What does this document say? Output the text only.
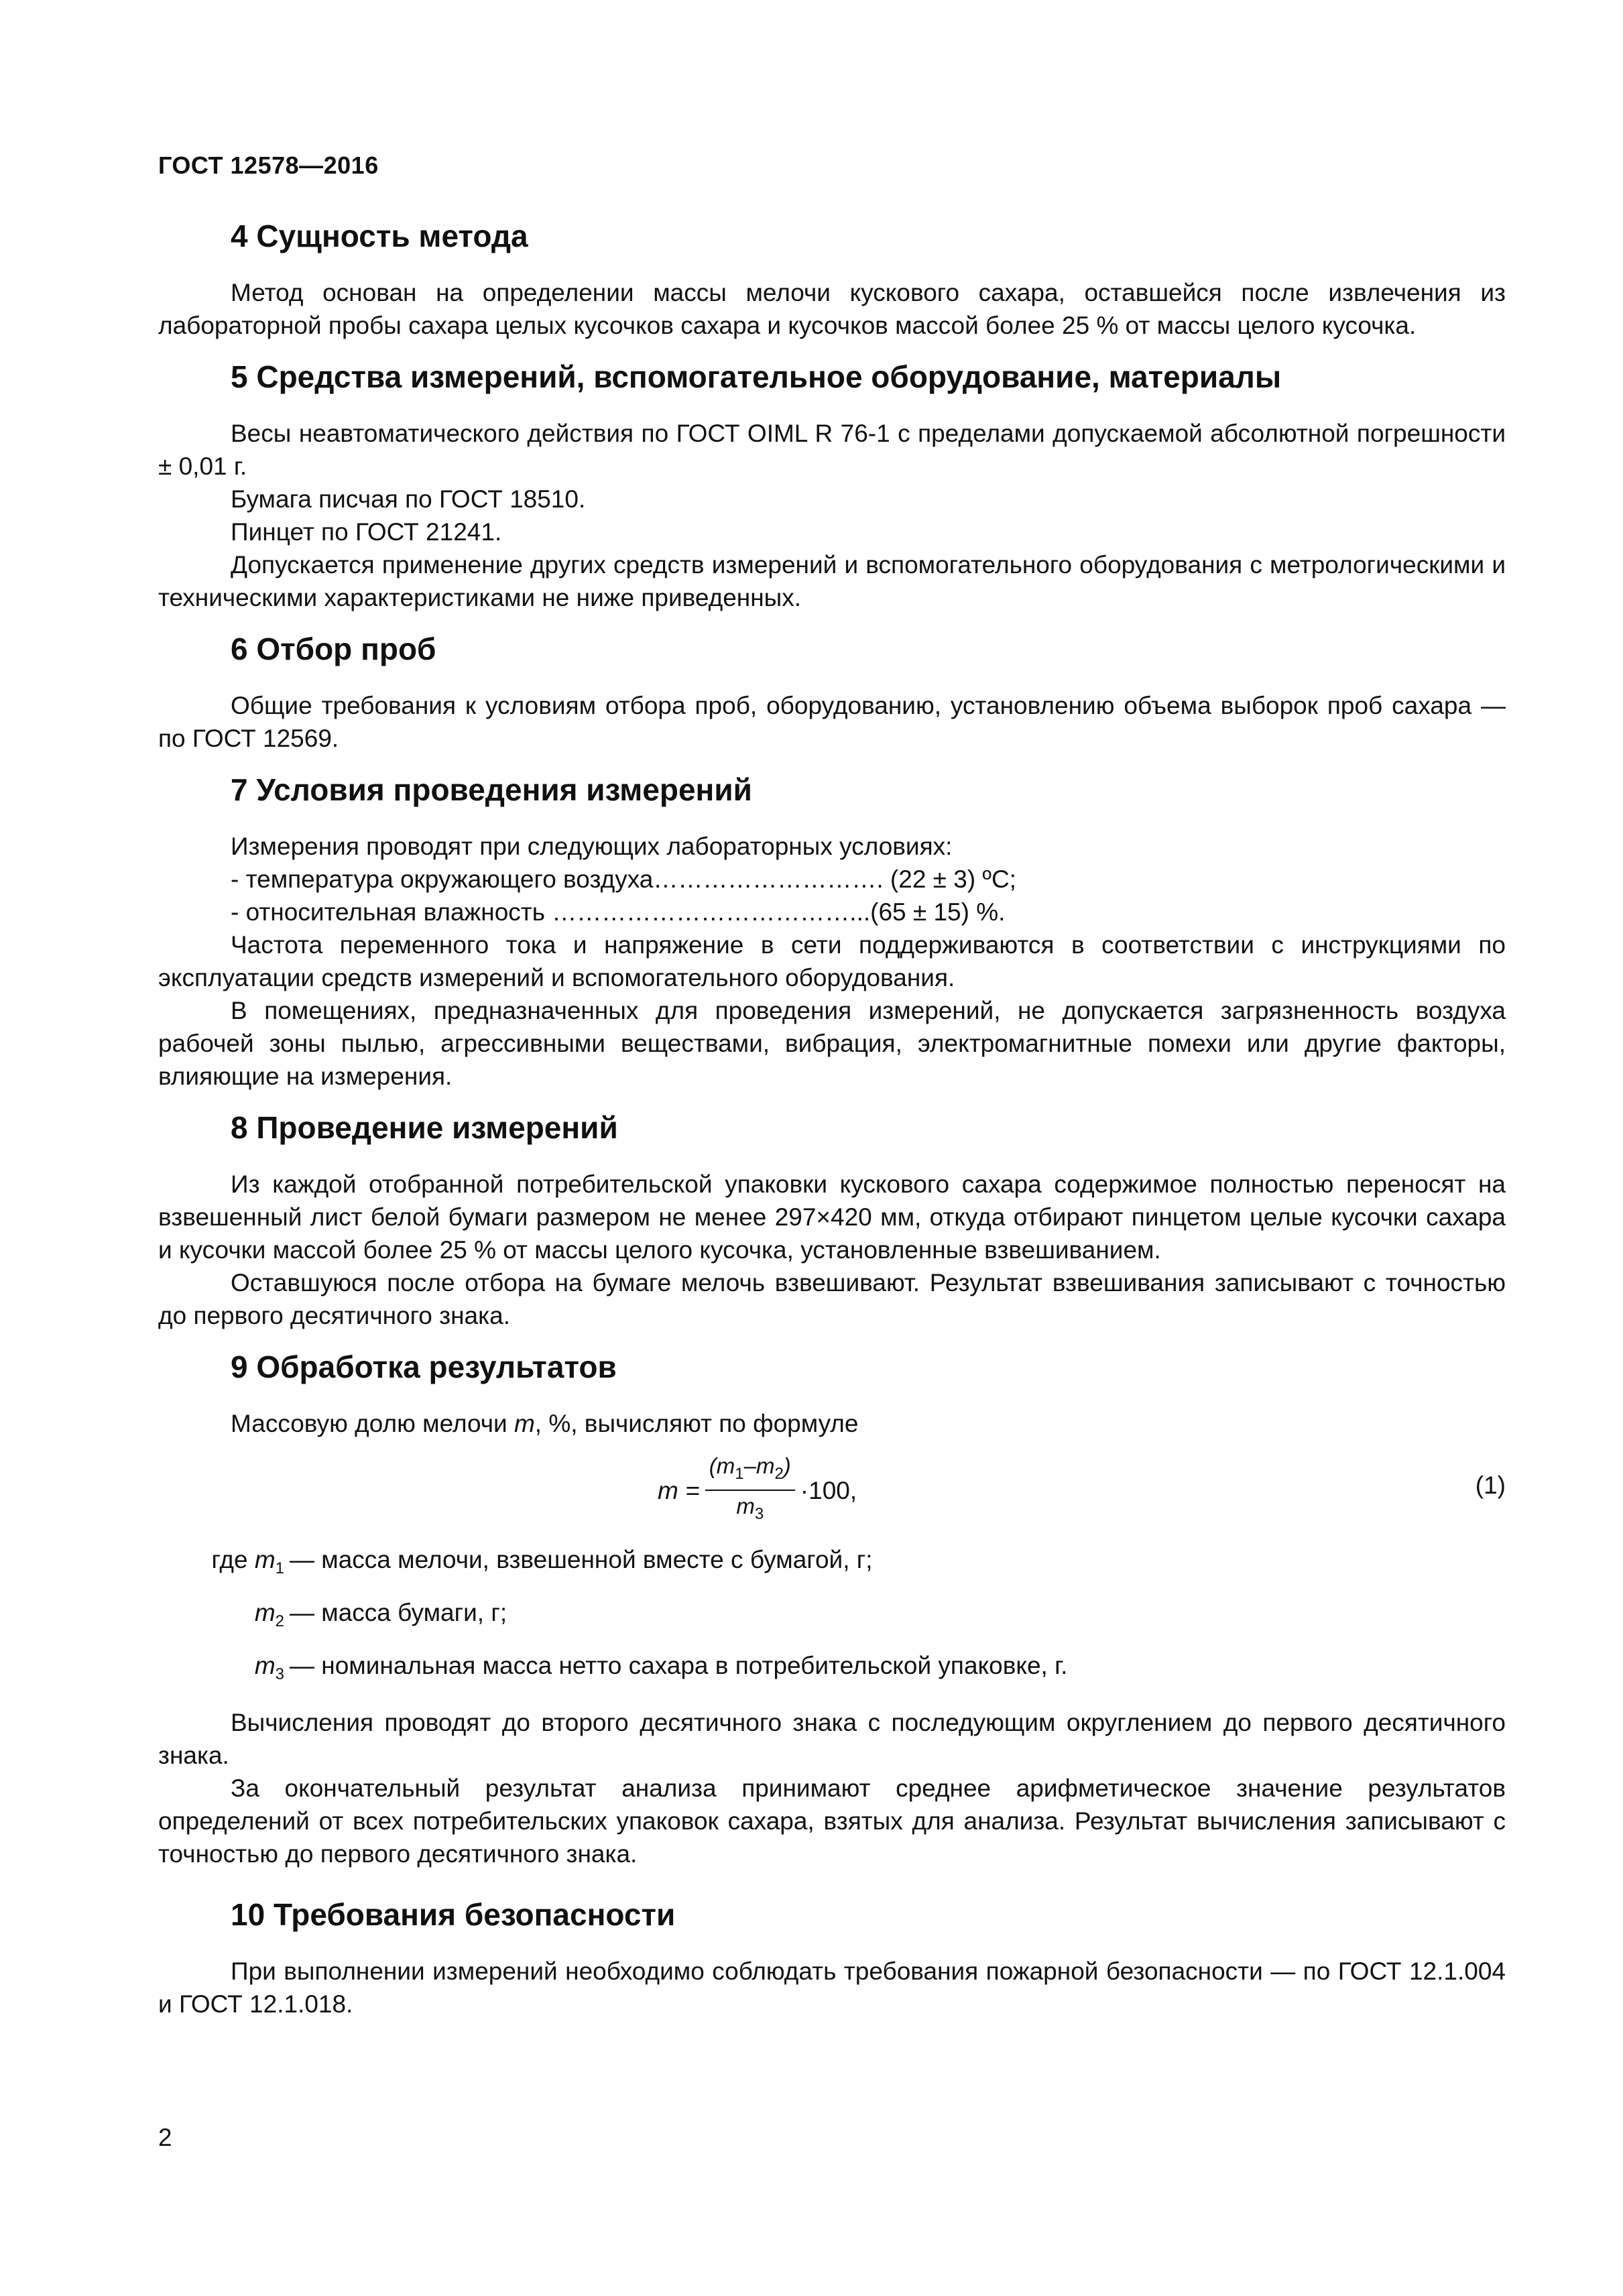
ГОСТ 12578—2016
4 Сущность метода

Метод основан на определении массы мелочи кускового сахара, оставшейся после извлечения из лабораторной пробы сахара целых кусочков сахара и кусочков массой более 25 % от массы целого кусочка.

5 Средства измерений, вспомогательное оборудование, материалы

Весы неавтоматического действия по ГОСТ OIML R 76-1 с пределами допускаемой абсолютной погрешности ± 0,01 г.

Бумага писчая по ГОСТ 18510.

Пинцет по ГОСТ 21241.

Допускается применение других средств измерений и вспомогательного оборудования с метрологическими и техническими характеристиками не ниже приведенных.

6 Отбор проб

Общие требования к условиям отбора проб, оборудованию, установлению объема выборок проб сахара — по ГОСТ 12569.

7 Условия проведения измерений

Измерения проводят при следующих лабораторных условиях:

- температура окружающего воздуха………………………. (22 ± 3) ºС;

- относительная влажность ………………………………...(65 ± 15) %.

Частота переменного тока и напряжение в сети поддерживаются в соответствии с инструкциями по эксплуатации средств измерений и вспомогательного оборудования.

В помещениях, предназначенных для проведения измерений, не допускается загрязненность воздуха рабочей зоны пылью, агрессивными веществами, вибрация, электромагнитные помехи или другие факторы, влияющие на измерения.

8 Проведение измерений

Из каждой отобранной потребительской упаковки кускового сахара содержимое полностью переносят на взвешенный лист белой бумаги размером не менее 297×420 мм, откуда отбирают пинцетом целые кусочки сахара и кусочки массой более 25 % от массы целого кусочка, установленные взвешиванием.

Оставшуюся после отбора на бумаге мелочь взвешивают. Результат взвешивания записывают с точностью до первого десятичного знака.

9 Обработка результатов

Массовую долю мелочи m, %, вычисляют по формуле

$m = \frac{(m_1-m_2)}{m_3} \cdot 100$,	(1)
где $m_1$ — масса мелочи, взвешенной вместе с бумагой, г;
$m_2$ — масса бумаги, г;
$m_3$ — номинальная масса нетто сахара в потребительской упаковке, г.

Вычисления проводят до второго десятичного знака с последующим округлением до первого десятичного знака.

За окончательный результат анализа принимают среднее арифметическое значение результатов определений от всех потребительских упаковок сахара, взятых для анализа. Результат вычисления записывают с точностью до первого десятичного знака.

10 Требования безопасности

При выполнении измерений необходимо соблюдать требования пожарной безопасности — по ГОСТ 12.1.004 и ГОСТ 12.1.018.

2
